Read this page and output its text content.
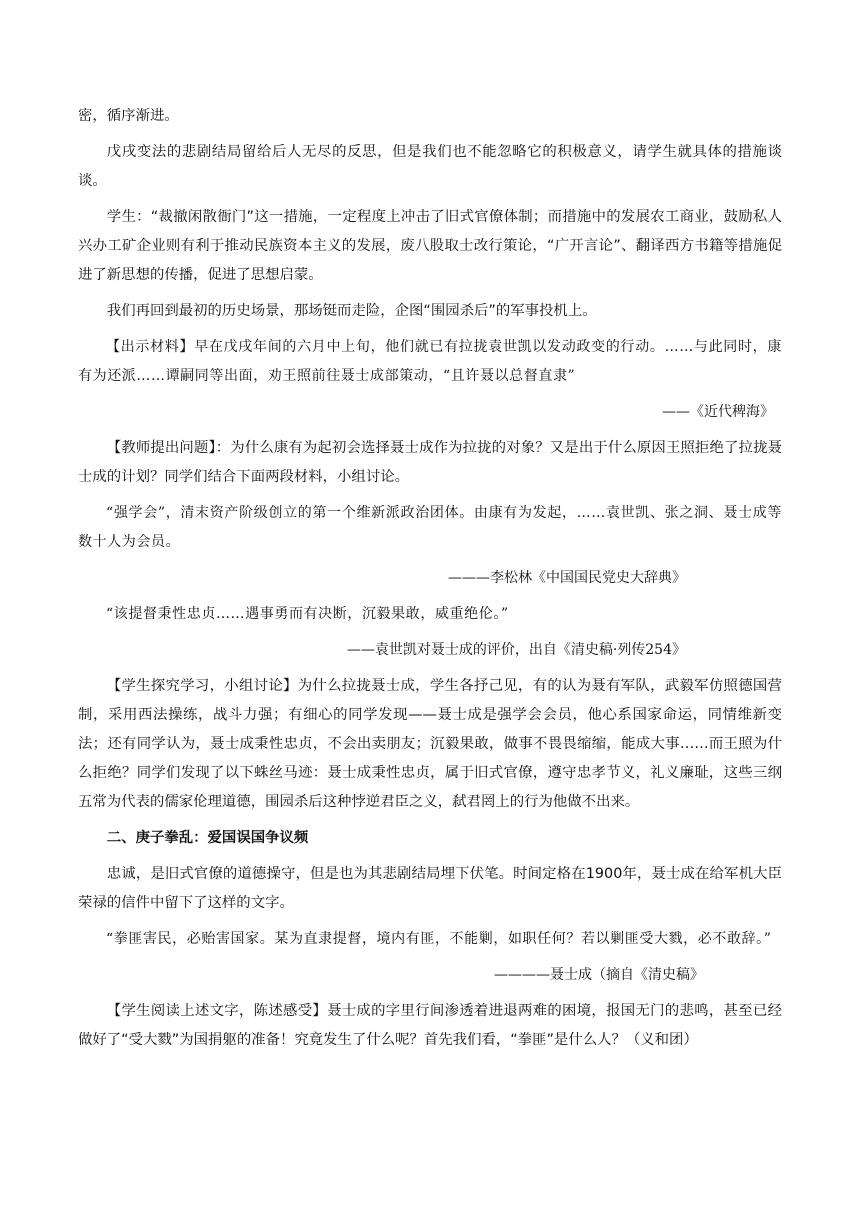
密，循序渐进。

戊戌变法的悲剧结局留给后人无尽的反思，但是我们也不能忽略它的积极意义，请学生就具体的措施谈谈。

学生：“裁撤闲散衙门”这一措施，一定程度上冲击了旧式官僚体制；而措施中的发展农工商业，鼓励私人兴办工矿企业则有利于推动民族资本主义的发展，废八股取士改行策论，“广开言论”、翻译西方书籍等措施促进了新思想的传播，促进了思想启蒙。

我们再回到最初的历史场景，那场铤而走险，企图“围园杀后”的军事投机上。

【出示材料】早在戊戌年间的六月中上旬，他们就已有拉拢袁世凯以发动政变的行动。……与此同时，康有为还派……谭嗣同等出面，劝王照前往聂士成部策动，“且许聂以总督直隶”

——《近代稗海》

【教师提出问题】：为什么康有为起初会选择聂士成作为拉拢的对象？又是出于什么原因王照拒绝了拉拢聂士成的计划？同学们结合下面两段材料，小组讨论。

“强学会”，清末资产阶级创立的第一个维新派政治团体。由康有为发起，……袁世凯、张之洞、聂士成等数十人为会员。

———李松林《中国国民党史大辞典》

“该提督秉性忠贞……遇事勇而有决断，沉毅果敢，威重绝伦。”

——袁世凯对聂士成的评价，出自《清史稿·列传254》

【学生探究学习，小组讨论】为什么拉拢聂士成，学生各抒己见，有的认为聂有军队，武毅军仿照德国营制，采用西法操练，战斗力强；有细心的同学发现——聂士成是强学会会员，他心系国家命运，同情维新变法；还有同学认为，聂士成秉性忠贞，不会出卖朋友；沉毅果敢，做事不畏畏缩缩，能成大事……而王照为什么拒绝？同学们发现了以下蛛丝马迹：聂士成秉性忠贞，属于旧式官僚，遵守忠孝节义，礼义廉耻，这些三纲五常为代表的儒家伦理道德，围园杀后这种悖逆君臣之义，弑君罔上的行为他做不出来。

二、庚子拳乱：爱国误国争议频

忠诚，是旧式官僚的道德操守，但是也为其悲剧结局埋下伏笔。时间定格在1900年，聂士成在给军机大臣荣禄的信件中留下了这样的文字。

“拳匪害民，必贻害国家。某为直隶提督，境内有匪，不能剿，如职任何？若以剿匪受大戮，必不敢辞。”

————聂士成（摘自《清史稿》

【学生阅读上述文字，陈述感受】聂士成的字里行间渗透着进退两难的困境，报国无门的悲鸣，甚至已经做好了“受大戮”为国捐躯的准备！究竟发生了什么呢？首先我们看，“拳匪”是什么人？（义和团）
